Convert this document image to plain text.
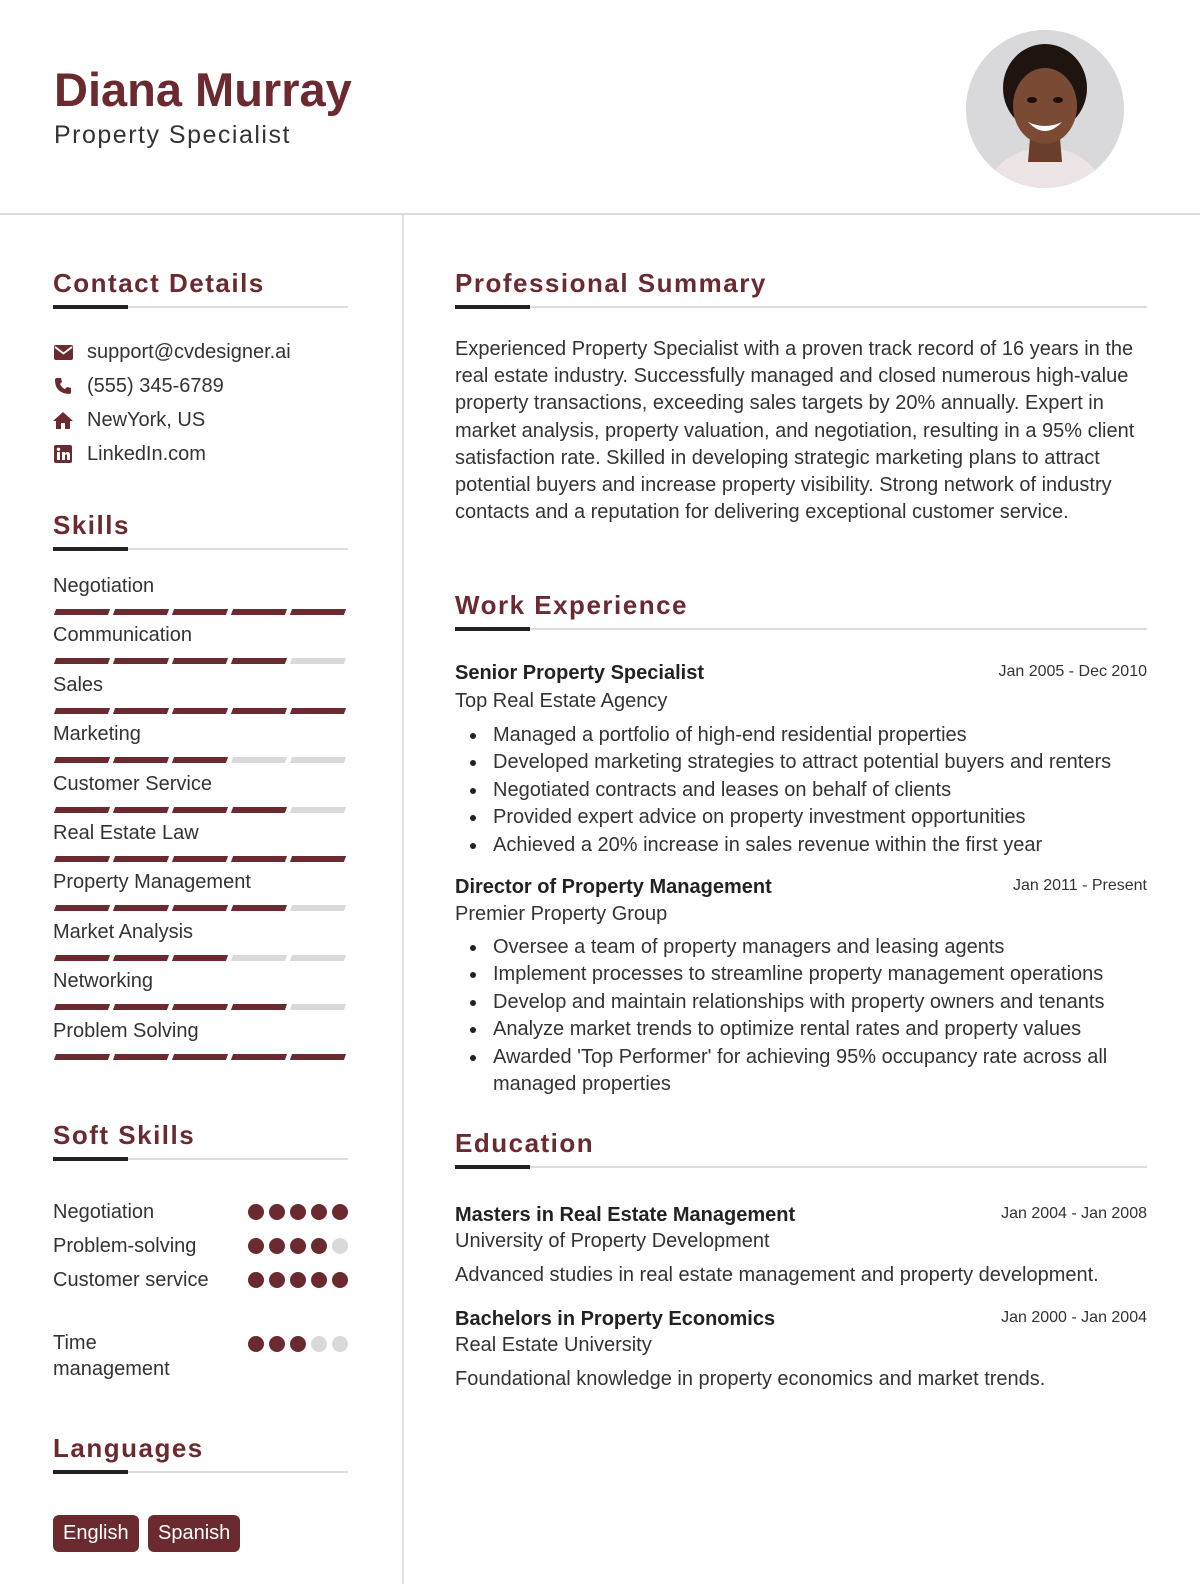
Diana Murray
Property Specialist
Contact Details
support@cvdesigner.ai
(555) 345-6789
NewYork, US
LinkedIn.com
Skills
Negotiation
Communication
Sales
Marketing
Customer Service
Real Estate Law
Property Management
Market Analysis
Networking
Problem Solving
Soft Skills
Negotiation
Problem-solving
Customer service
Time management
Languages
English	Spanish
Professional Summary
Experienced Property Specialist with a proven track record of 16 years in the real estate industry. Successfully managed and closed numerous high-value property transactions, exceeding sales targets by 20% annually. Expert in market analysis, property valuation, and negotiation, resulting in a 95% client satisfaction rate. Skilled in developing strategic marketing plans to attract potential buyers and increase property visibility. Strong network of industry contacts and a reputation for delivering exceptional customer service.
Work Experience
Senior Property Specialist	Jan 2005 - Dec 2010
Top Real Estate Agency
Managed a portfolio of high-end residential properties
Developed marketing strategies to attract potential buyers and renters
Negotiated contracts and leases on behalf of clients
Provided expert advice on property investment opportunities
Achieved a 20% increase in sales revenue within the first year
Director of Property Management	Jan 2011 - Present
Premier Property Group
Oversee a team of property managers and leasing agents
Implement processes to streamline property management operations
Develop and maintain relationships with property owners and tenants
Analyze market trends to optimize rental rates and property values
Awarded 'Top Performer' for achieving 95% occupancy rate across all managed properties
Education
Masters in Real Estate Management	Jan 2004 - Jan 2008
University of Property Development
Advanced studies in real estate management and property development.
Bachelors in Property Economics	Jan 2000 - Jan 2004
Real Estate University
Foundational knowledge in property economics and market trends.
